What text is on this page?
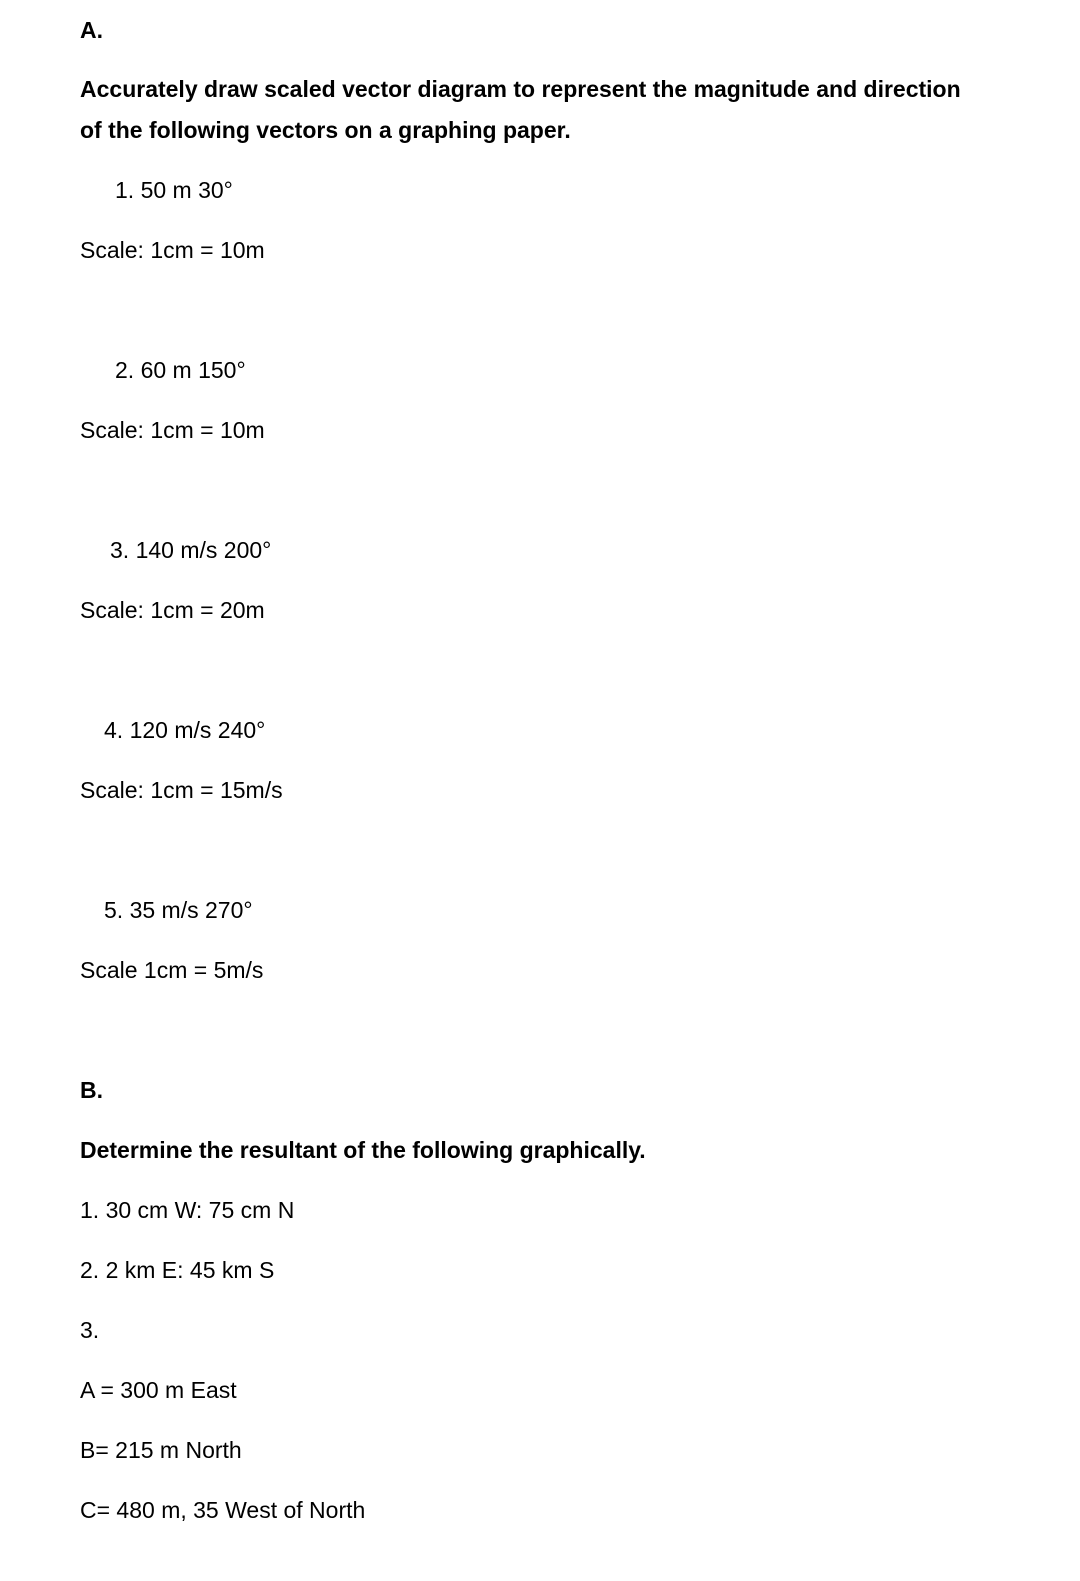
A.
Accurately draw scaled vector diagram to represent the magnitude and direction
of the following vectors on a graphing paper.
1. 50 m 30°
Scale: 1cm = 10m
2. 60 m 150°
Scale: 1cm = 10m
3. 140 m/s 200°
Scale: 1cm = 20m
4. 120 m/s 240°
Scale: 1cm = 15m/s
5. 35 m/s 270°
Scale 1cm = 5m/s
B.
Determine the resultant of the following graphically.
1. 30 cm W: 75 cm N
2. 2 km E: 45 km S
3.
A = 300 m East
B= 215 m North
C= 480 m, 35 West of North
